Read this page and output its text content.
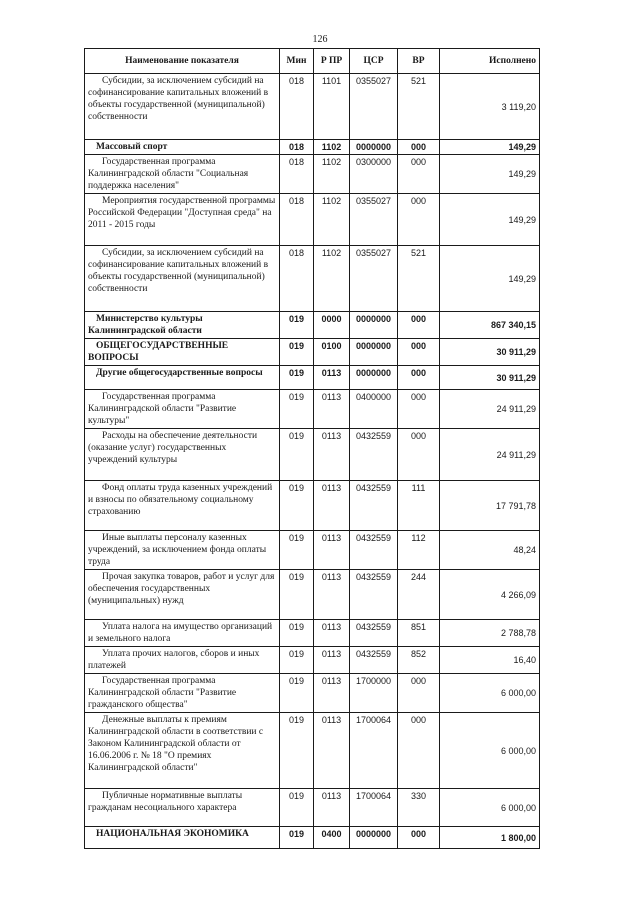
126
Наименование показателя	Мин	Р ПР	ЦСР	ВР	Исполнено

Субсидии, за исключением субсидий на софинансирование капитальных вложений в объекты государственной (муниципальной) собственности	018	1101	0355027	521	3 119,20

Массовый спорт	018	1102	0000000	000	149,29

Государственная программа Калининградской области "Социальная поддержка населения"	018	1102	0300000	000	149,29

Мероприятия государственной программы Российской Федерации "Доступная среда" на 2011 - 2015 годы	018	1102	0355027	000	149,29

Субсидии, за исключением субсидий на софинансирование капитальных вложений в объекты государственной (муниципальной) собственности	018	1102	0355027	521	149,29

Министерство культуры Калининградской области	019	0000	0000000	000	867 340,15

ОБЩЕГОСУДАРСТВЕННЫЕ ВОПРОСЫ	019	0100	0000000	000	30 911,29

Другие общегосударственные вопросы	019	0113	0000000	000	30 911,29

Государственная программа Калининградской области "Развитие культуры"	019	0113	0400000	000	24 911,29

Расходы на обеспечение деятельности (оказание услуг) государственных учреждений культуры	019	0113	0432559	000	24 911,29

Фонд оплаты труда казенных учреждений и взносы по обязательному социальному страхованию	019	0113	0432559	111	17 791,78

Иные выплаты персоналу казенных учреждений, за исключением фонда оплаты труда	019	0113	0432559	112	48,24

Прочая закупка товаров, работ и услуг для обеспечения государственных (муниципальных) нужд	019	0113	0432559	244	4 266,09

Уплата налога на имущество организаций и земельного налога	019	0113	0432559	851	2 788,78

Уплата прочих налогов, сборов и иных платежей	019	0113	0432559	852	16,40

Государственная программа Калининградской области "Развитие гражданского общества"	019	0113	1700000	000	6 000,00

Денежные выплаты к премиям Калининградской области в соответствии с Законом Калининградской области от 16.06.2006 г. № 18 "О премиях Калининградской области"	019	0113	1700064	000	6 000,00

Публичные нормативные выплаты гражданам несоциального характера	019	0113	1700064	330	6 000,00

НАЦИОНАЛЬНАЯ ЭКОНОМИКА	019	0400	0000000	000	1 800,00
